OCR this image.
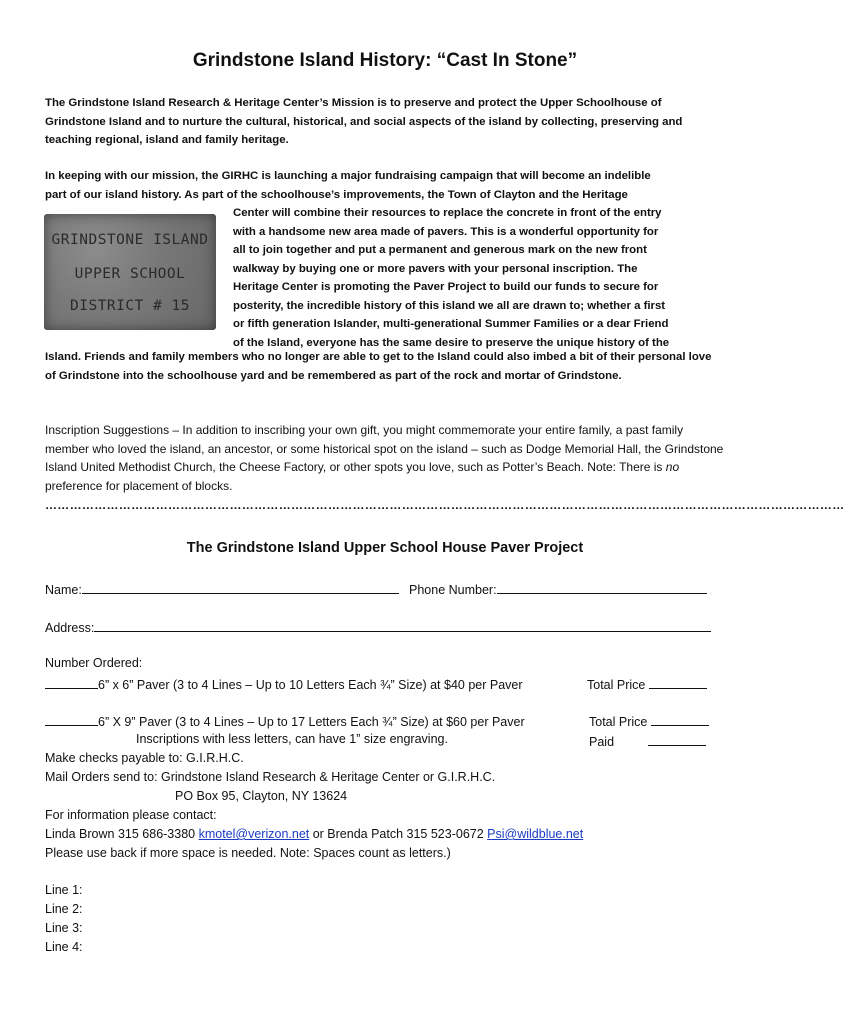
Grindstone Island History: “Cast In Stone”
The Grindstone Island Research & Heritage Center’s Mission is to preserve and protect the Upper Schoolhouse of Grindstone Island and to nurture the cultural, historical, and social aspects of the island by collecting, preserving and teaching regional, island and family heritage.
In keeping with our mission, the GIRHC is launching a major fundraising campaign that will become an indelible
part of our island history. As part of the schoolhouse’s improvements, the Town of Clayton and the Heritage
GRINDSTONE ISLAND
UPPER SCHOOL
DISTRICT # 15
Center will combine their resources to replace the concrete in front of the entry
with a handsome new area made of pavers. This is a wonderful opportunity for
all to join together and put a permanent and generous mark on the new front
walkway by buying one or more pavers with your personal inscription. The
Heritage Center is promoting the Paver Project to build our funds to secure for
posterity, the incredible history of this island we all are drawn to; whether a first
or fifth generation Islander, multi-generational Summer Families or a dear Friend
of the Island, everyone has the same desire to preserve the unique history of the
Island. Friends and family members who no longer are able to get to the Island could also imbed a bit of their personal love of Grindstone into the schoolhouse yard and be remembered as part of the rock and mortar of Grindstone.
Inscription Suggestions – In addition to inscribing your own gift, you might commemorate your entire family, a past family member who loved the island, an ancestor, or some historical spot on the island – such as Dodge Memorial Hall, the Grindstone Island United Methodist Church, the Cheese Factory, or other spots you love, such as Potter’s Beach. Note: There is no preference for placement of blocks.
……………………………………………………………………………………………………………………………………………………………………………
The Grindstone Island Upper School House Paver Project
Name:	Phone Number:
Address:
Number Ordered:
6” x 6” Paver (3 to 4 Lines – Up to 10 Letters Each ¾” Size) at $40 per Paver	Total Price
6” X 9” Paver (3 to 4 Lines – Up to 17 Letters Each ¾” Size) at $60 per Paver	Total Price
Inscriptions with less letters, can have 1” size engraving.	Paid
Make checks payable to: G.I.R.H.C.
Mail Orders send to: Grindstone Island Research & Heritage Center or G.I.R.H.C.
PO Box 95, Clayton, NY 13624
For information please contact:
Linda Brown 315 686-3380 kmotel@verizon.net or Brenda Patch 315 523-0672 Psi@wildblue.net
Please use back if more space is needed. Note: Spaces count as letters.)
Line 1:
Line 2:
Line 3:
Line 4:
